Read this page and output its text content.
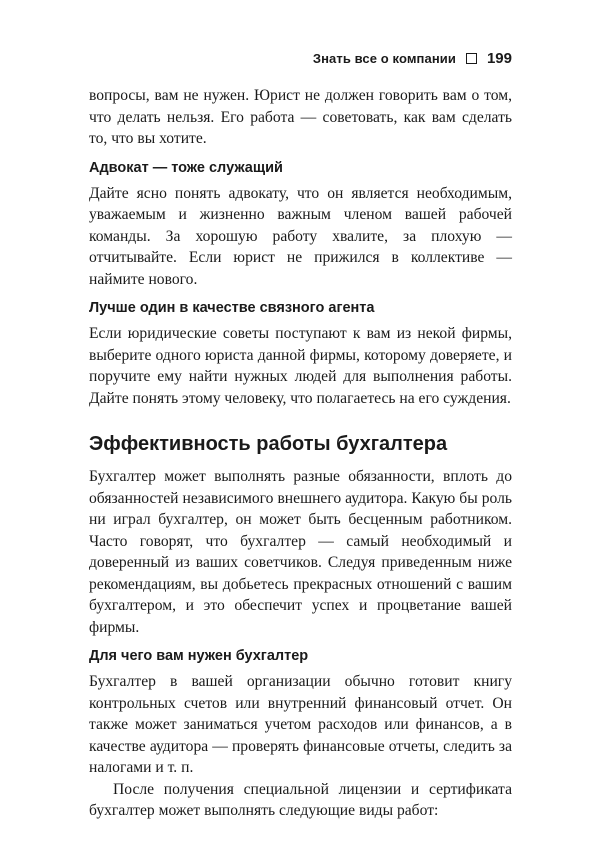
Знать все о компании 199

вопросы, вам не нужен. Юрист не должен говорить вам о том, что делать нельзя. Его работа — советовать, как вам сделать то, что вы хотите.

Адвокат — тоже служащий

Дайте ясно понять адвокату, что он является необходимым, уважаемым и жизненно важным членом вашей рабочей команды. За хорошую работу хвалите, за плохую — отчитывайте. Если юрист не прижился в коллективе — наймите нового.

Лучше один в качестве связного агента

Если юридические советы поступают к вам из некой фирмы, выберите одного юриста данной фирмы, которому доверяете, и поручите ему найти нужных людей для выполнения работы. Дайте понять этому человеку, что полагаетесь на его суждения.

Эффективность работы бухгалтера

Бухгалтер может выполнять разные обязанности, вплоть до обязанностей независимого внешнего аудитора. Какую бы роль ни играл бухгалтер, он может быть бесценным работником. Часто говорят, что бухгалтер — самый необходимый и доверенный из ваших советчиков. Следуя приведенным ниже рекомендациям, вы добьетесь прекрасных отношений с вашим бухгалтером, и это обеспечит успех и процветание вашей фирмы.

Для чего вам нужен бухгалтер

Бухгалтер в вашей организации обычно готовит книгу контрольных счетов или внутренний финансовый отчет. Он также может заниматься учетом расходов или финансов, а в качестве аудитора — проверять финансовые отчеты, следить за налогами и т. п.

После получения специальной лицензии и сертификата бухгалтер может выполнять следующие виды работ:
